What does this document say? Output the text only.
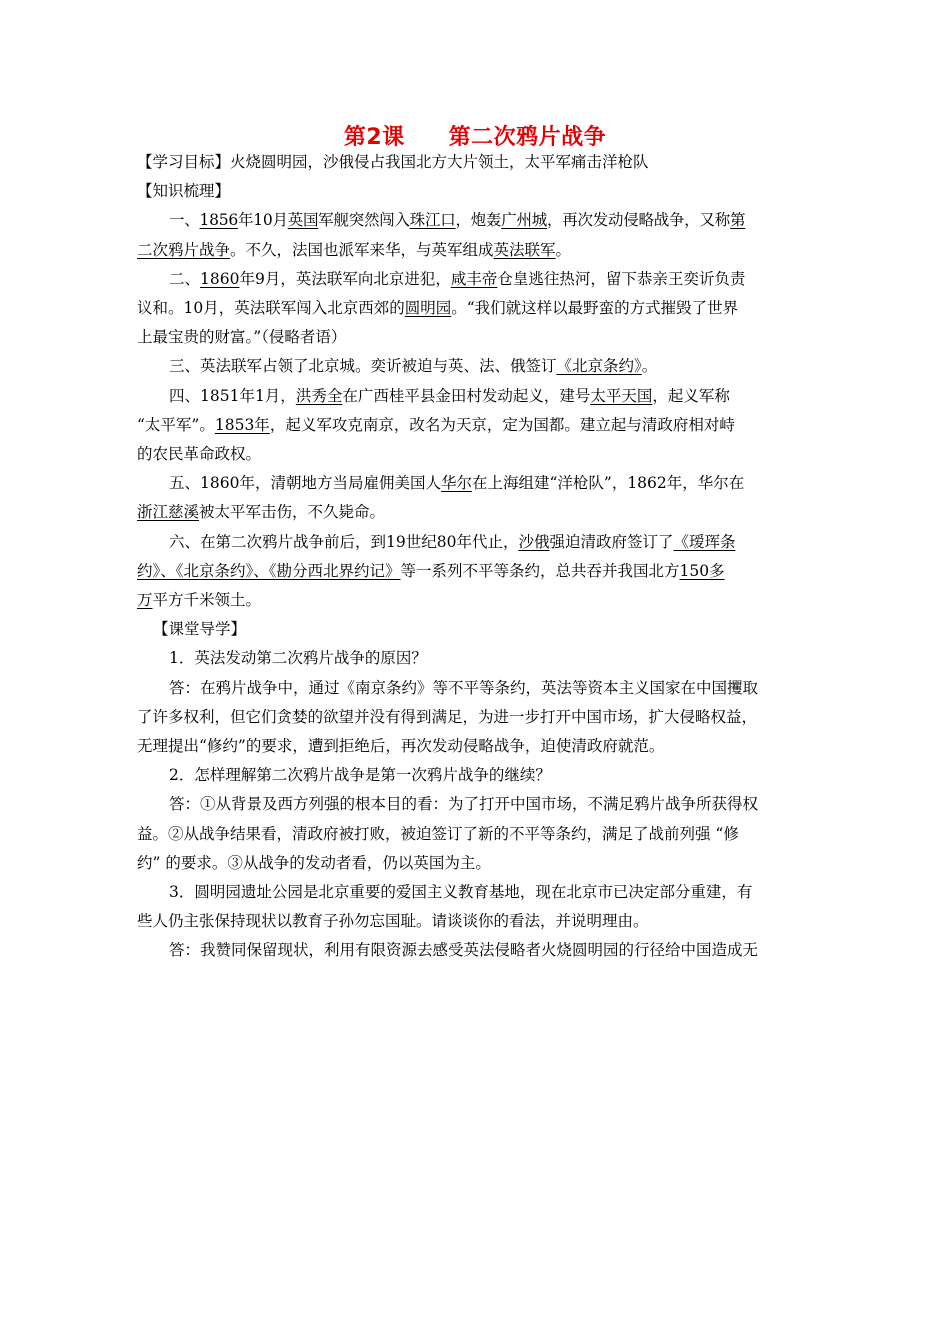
第2课 第二次鸦片战争

【学习目标】火烧圆明园，沙俄侵占我国北方大片领土，太平军痛击洋枪队

【知识梳理】

一、1856年10月英国军舰突然闯入珠江口，炮轰广州城，再次发动侵略战争，又称第

二次鸦片战争。不久，法国也派军来华，与英军组成英法联军。

二、1860年9月，英法联军向北京进犯，咸丰帝仓皇逃往热河，留下恭亲王奕䜣负责

议和。10月，英法联军闯入北京西郊的圆明园。“我们就这样以最野蛮的方式摧毁了世界

上最宝贵的财富。”（侵略者语）

三、英法联军占领了北京城。奕䜣被迫与英、法、俄签订《北京条约》。

四、1851年1月，洪秀全在广西桂平县金田村发动起义，建号太平天国，起义军称

“太平军”。1853年，起义军攻克南京，改名为天京，定为国都。建立起与清政府相对峙

的农民革命政权。

五、1860年，清朝地方当局雇佣美国人华尔在上海组建“洋枪队”，1862年，华尔在

浙江慈溪被太平军击伤，不久毙命。

六、在第二次鸦片战争前后，到19世纪80年代止，沙俄强迫清政府签订了《瑷珲条

约》、《北京条约》、《勘分西北界约记》等一系列不平等条约，总共吞并我国北方150多

万平方千米领土。

【课堂导学】

1．英法发动第二次鸦片战争的原因？

答：在鸦片战争中，通过《南京条约》等不平等条约，英法等资本主义国家在中国攫取

了许多权利，但它们贪婪的欲望并没有得到满足，为进一步打开中国市场，扩大侵略权益，

无理提出“修约”的要求，遭到拒绝后，再次发动侵略战争，迫使清政府就范。

2．怎样理解第二次鸦片战争是第一次鸦片战争的继续？

答：①从背景及西方列强的根本目的看：为了打开中国市场，不满足鸦片战争所获得权

益。②从战争结果看，清政府被打败，被迫签订了新的不平等条约，满足了战前列强 “修

约” 的要求。③从战争的发动者看，仍以英国为主。

3．圆明园遗址公园是北京重要的爱国主义教育基地，现在北京市已决定部分重建，有

些人仍主张保持现状以教育子孙勿忘国耻。请谈谈你的看法，并说明理由。

答：我赞同保留现状，利用有限资源去感受英法侵略者火烧圆明园的行径给中国造成无
